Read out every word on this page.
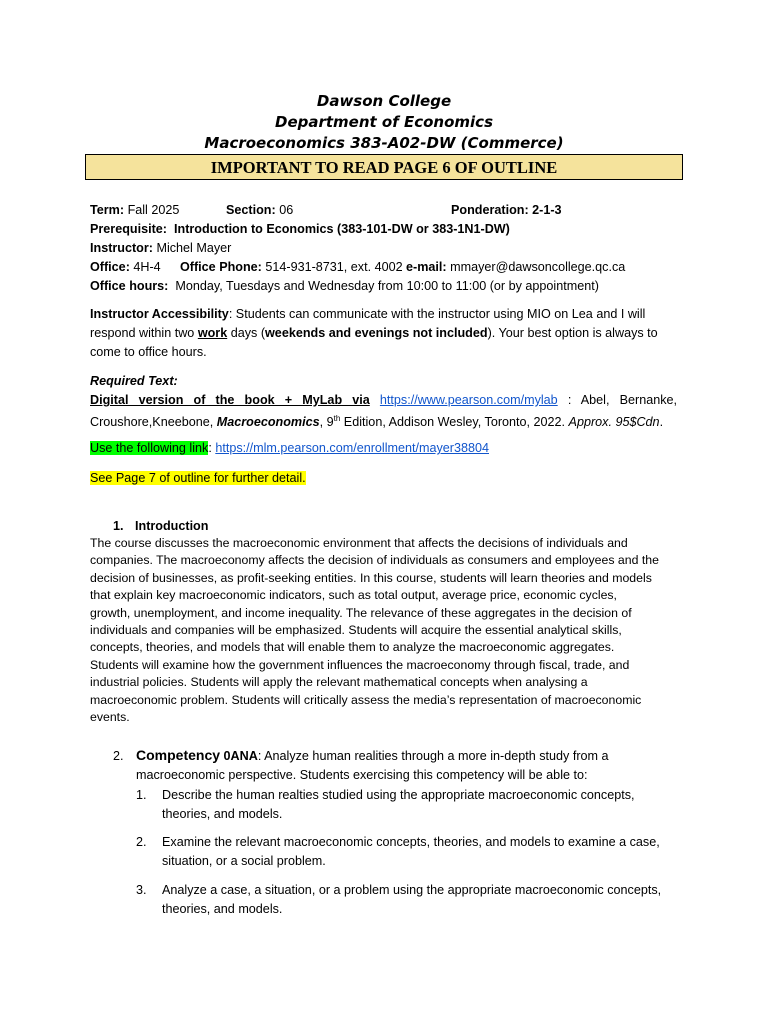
Dawson College
Department of Economics
Macroeconomics 383-A02-DW (Commerce)
IMPORTANT TO READ PAGE 6 OF OUTLINE
Term: Fall 2025	Section: 06	Ponderation: 2-1-3
Prerequisite: Introduction to Economics (383-101-DW or 383-1N1-DW)
Instructor: Michel Mayer
Office: 4H-4 Office Phone: 514-931-8731, ext. 4002 e-mail: mmayer@dawsoncollege.qc.ca
Office hours: Monday, Tuesdays and Wednesday from 10:00 to 11:00 (or by appointment)
Instructor Accessibility: Students can communicate with the instructor using MIO on Lea and I will
respond within two work days (weekends and evenings not included). Your best option is always to
come to office hours.
Required Text:
Digital version of the book + MyLab via https://www.pearson.com/mylab : Abel, Bernanke,
Croushore,Kneebone, Macroeconomics, 9th Edition, Addison Wesley, Toronto, 2022. Approx. 95$Cdn.
Use the following link: https://mlm.pearson.com/enrollment/mayer38804
See Page 7 of outline for further detail.
1. Introduction
The course discusses the macroeconomic environment that affects the decisions of individuals and
companies. The macroeconomy affects the decision of individuals as consumers and employees and the
decision of businesses, as profit-seeking entities. In this course, students will learn theories and models
that explain key macroeconomic indicators, such as total output, average price, economic cycles,
growth, unemployment, and income inequality. The relevance of these aggregates in the decision of
individuals and companies will be emphasized. Students will acquire the essential analytical skills,
concepts, theories, and models that will enable them to analyze the macroeconomic aggregates.
Students will examine how the government influences the macroeconomy through fiscal, trade, and
industrial policies. Students will apply the relevant mathematical concepts when analysing a
macroeconomic problem. Students will critically assess the media’s representation of macroeconomic
events.
2. Competency 0ANA: Analyze human realities through a more in-depth study from a
macroeconomic perspective. Students exercising this competency will be able to:
1. Describe the human realties studied using the appropriate macroeconomic concepts,
theories, and models.
2. Examine the relevant macroeconomic concepts, theories, and models to examine a case,
situation, or a social problem.
3. Analyze a case, a situation, or a problem using the appropriate macroeconomic concepts,
theories, and models.
